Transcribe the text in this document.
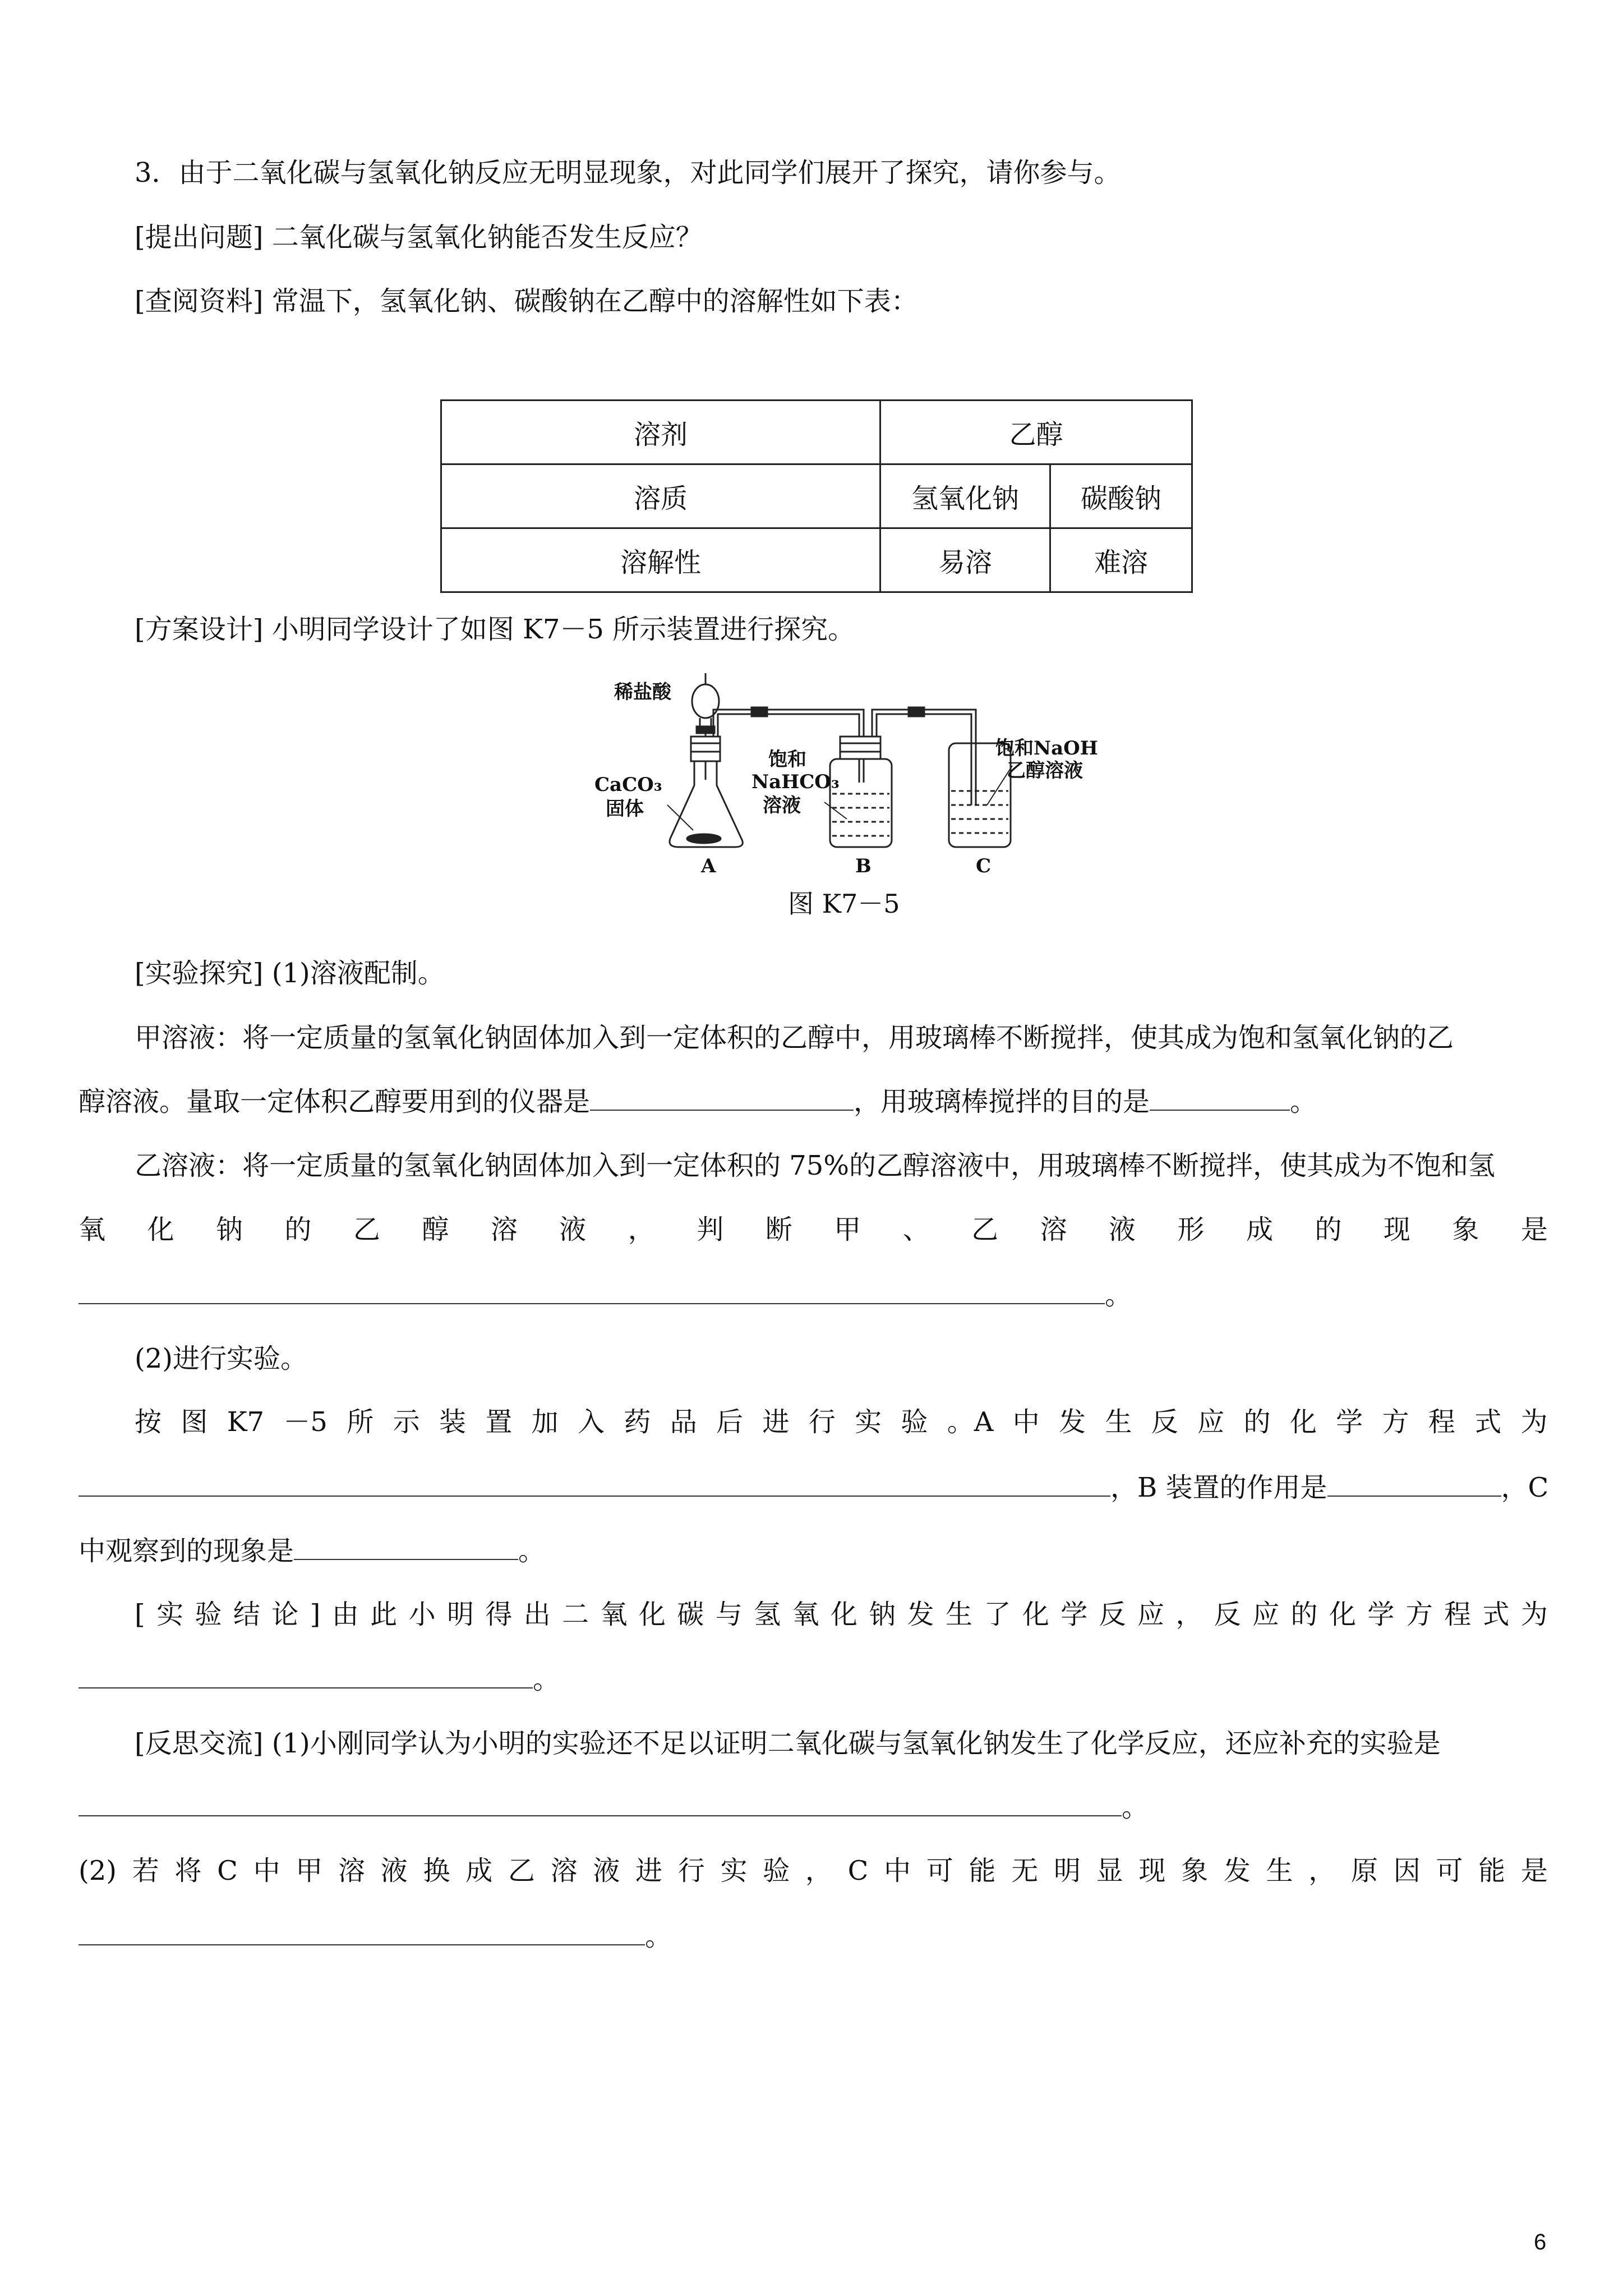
3．由于二氧化碳与氢氧化钠反应无明显现象，对此同学们展开了探究，请你参与。
[提出问题] 二氧化碳与氢氧化钠能否发生反应？
[查阅资料] 常温下，氢氧化钠、碳酸钠在乙醇中的溶解性如下表：
溶剂	乙醇	
溶质	氢氧化钠	碳酸钠
溶解性	易溶	难溶
[方案设计] 小明同学设计了如图 K7－5 所示装置进行探究。
稀盐酸
CaCO₃
固体
饱和
NaHCO₃
溶液
饱和NaOH
乙醇溶液
A	B	C
图 K7－5
[实验探究] (1)溶液配制。
甲溶液：将一定质量的氢氧化钠固体加入到一定体积的乙醇中，用玻璃棒不断搅拌，使其成为饱和氢氧化钠的乙
醇溶液。量取一定体积乙醇要用到的仪器是	，用玻璃棒搅拌的目的是	。
乙溶液：将一定质量的氢氧化钠固体加入到一定体积的 75%的乙醇溶液中，用玻璃棒不断搅拌，使其成为不饱和氢
氧 化 钠 的 乙 醇 溶 液 ， 判 断 甲 、 乙 溶 液 形 成 的 现 象 是
。
(2)进行实验。
按 图 K7 －5 所 示 装 置 加 入 药 品 后 进 行 实 验 。A 中 发 生 反 应 的 化 学 方 程 式 为
，B 装置的作用是	，C
中观察到的现象是	。
[ 实 验 结 论 ] 由 此 小 明 得 出 二 氧 化 碳 与 氢 氧 化 钠 发 生 了 化 学 反 应 ， 反 应 的 化 学 方 程 式 为
。
[反思交流] (1)小刚同学认为小明的实验还不足以证明二氧化碳与氢氧化钠发生了化学反应，还应补充的实验是
。
(2) 若 将 C 中 甲 溶 液 换 成 乙 溶 液 进 行 实 验 ， C 中 可 能 无 明 显 现 象 发 生 ， 原 因 可 能 是
。
6
